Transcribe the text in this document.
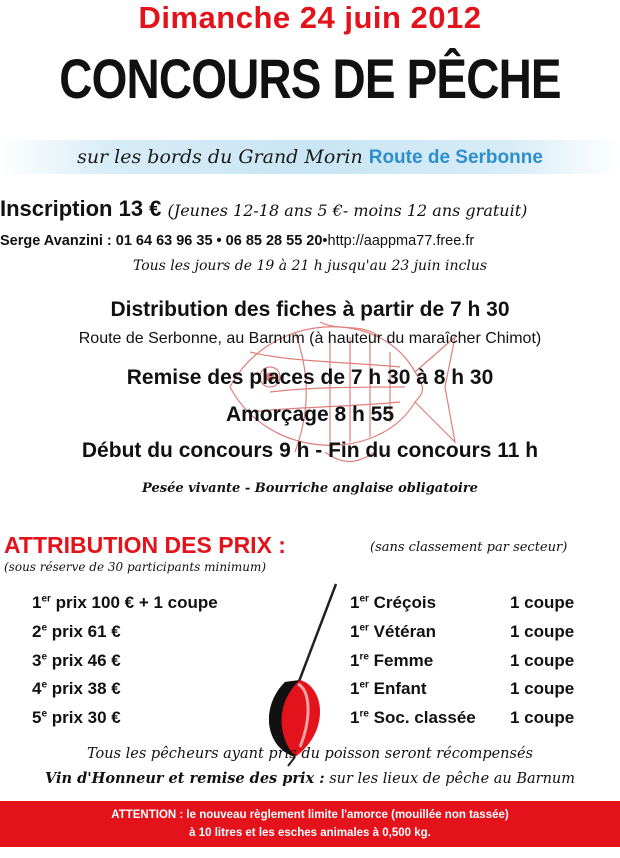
Dimanche 24 juin 2012
CONCOURS DE PÊCHE
sur les bords du Grand Morin Route de Serbonne
Inscription 13 € (Jeunes 12-18 ans 5 €- moins 12 ans gratuit)
Serge Avanzini : 01 64 63 96 35 • 06 85 28 55 20•http://aappma77.free.fr
Tous les jours de 19 à 21 h jusqu'au 23 juin inclus
Distribution des fiches à partir de 7 h 30
Route de Serbonne, au Barnum (à hauteur du maraîcher Chimot)
Remise des places de 7 h 30 à 8 h 30
Amorçage 8 h 55
Début du concours 9 h - Fin du concours 11 h
Pesée vivante - Bourriche anglaise obligatoire
ATTRIBUTION DES PRIX :	(sans classement par secteur)
(sous réserve de 30 participants minimum)
1er prix 100 € + 1 coupe
2e prix 61 €
3e prix 46 €
4e prix 38 €
5e prix 30 €
1er Créçois
1er Vétéran
1re Femme
1er Enfant
1re Soc. classée
1 coupe
1 coupe
1 coupe
1 coupe
1 coupe
Tous les pêcheurs ayant pris du poisson seront récompensés
Vin d'Honneur et remise des prix : sur les lieux de pêche au Barnum
ATTENTION : le nouveau règlement limite l'amorce (mouillée non tassée)
à 10 litres et les esches animales à 0,500 kg.
